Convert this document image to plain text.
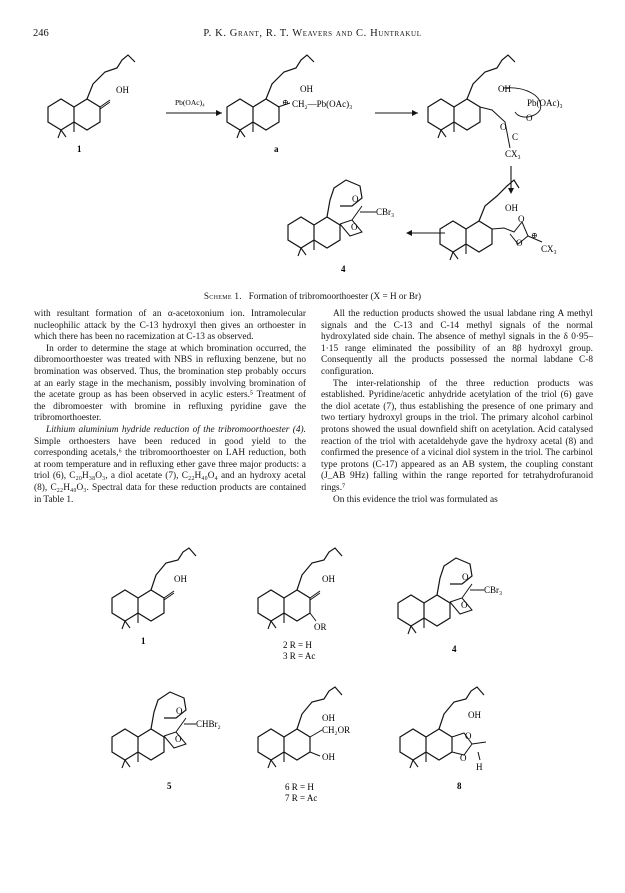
246	P. K. Grant, R. T. Weavers and C. Huntrakul
OH
1
Pb(OAc)₄
OH
⊕ CH₂—Pb(OAc)₃
a
OH
Pb(OAc)₃
O
O
C
CX₃
OH
O
O
⊕
CX₃
O
O
CBr₃
4
Scheme 1. Formation of tribromoorthoester (X = H or Br)

with resultant formation of an α-acetoxonium ion. Intramolecular nucleophilic attack by the C-13 hydroxyl then gives an orthoester in which there has been no racemization at C-13 as observed.

In order to determine the stage at which bromination occurred, the dibromoorthoester was treated with NBS in refluxing benzene, but no bromination was observed. Thus, the bromination step probably occurs at an early stage in the mechanism, possibly involving bromination of the acetate group as has been observed in acylic esters.⁵ Treatment of the dibromoester with bromine in refluxing pyridine gave the tribromorthoester.

Lithium aluminium hydride reduction of the tribromoorthoester (4). Simple orthoesters have been reduced in good yield to the corresponding acetals,⁶ the tribromoorthoester on LAH reduction, both at room temperature and in refluxing ether gave three major products: a triol (6), C₂₀H₃₈O₃, a diol acetate (7), C₂₂H₄₀O₄ and an hydroxy acetal (8), C₂₂H₄₀O₃. Spectral data for these reduction products are contained in Table 1.

All the reduction products showed the usual labdane ring A methyl signals and the C-13 and C-14 methyl signals of the normal hydroxylated side chain. The absence of methyl signals in the δ 0·95–1·15 range eliminated the possibility of an 8β hydroxyl group. Consequently all the products possessed the normal labdane C-8 configuration.

The inter-relationship of the three reduction products was established. Pyridine/acetic anhydride acetylation of the triol (6) gave the diol acetate (7), thus establishing the presence of one primary and two tertiary hydroxyl groups in the triol. The primary alcohol carbinol protons showed the usual downfield shift on acetylation. Acid catalysed reaction of the triol with acetaldehyde gave the hydroxy acetal (8) and confirmed the presence of a vicinal diol system in the triol. The carbinol type protons (C-17) appeared as an AB system, the coupling constant (J_AB 9Hz) falling within the range reported for tetrahydrofuranoid rings.⁷

On this evidence the triol was formulated as

OH
1
OH
OR
2 R = H
3 R = Ac
O
O
CBr₃
4
O
O
CHBr₂
5
OH
CH₂OR
OH
6 R = H
7 R = Ac
OH
O
O
H
8
